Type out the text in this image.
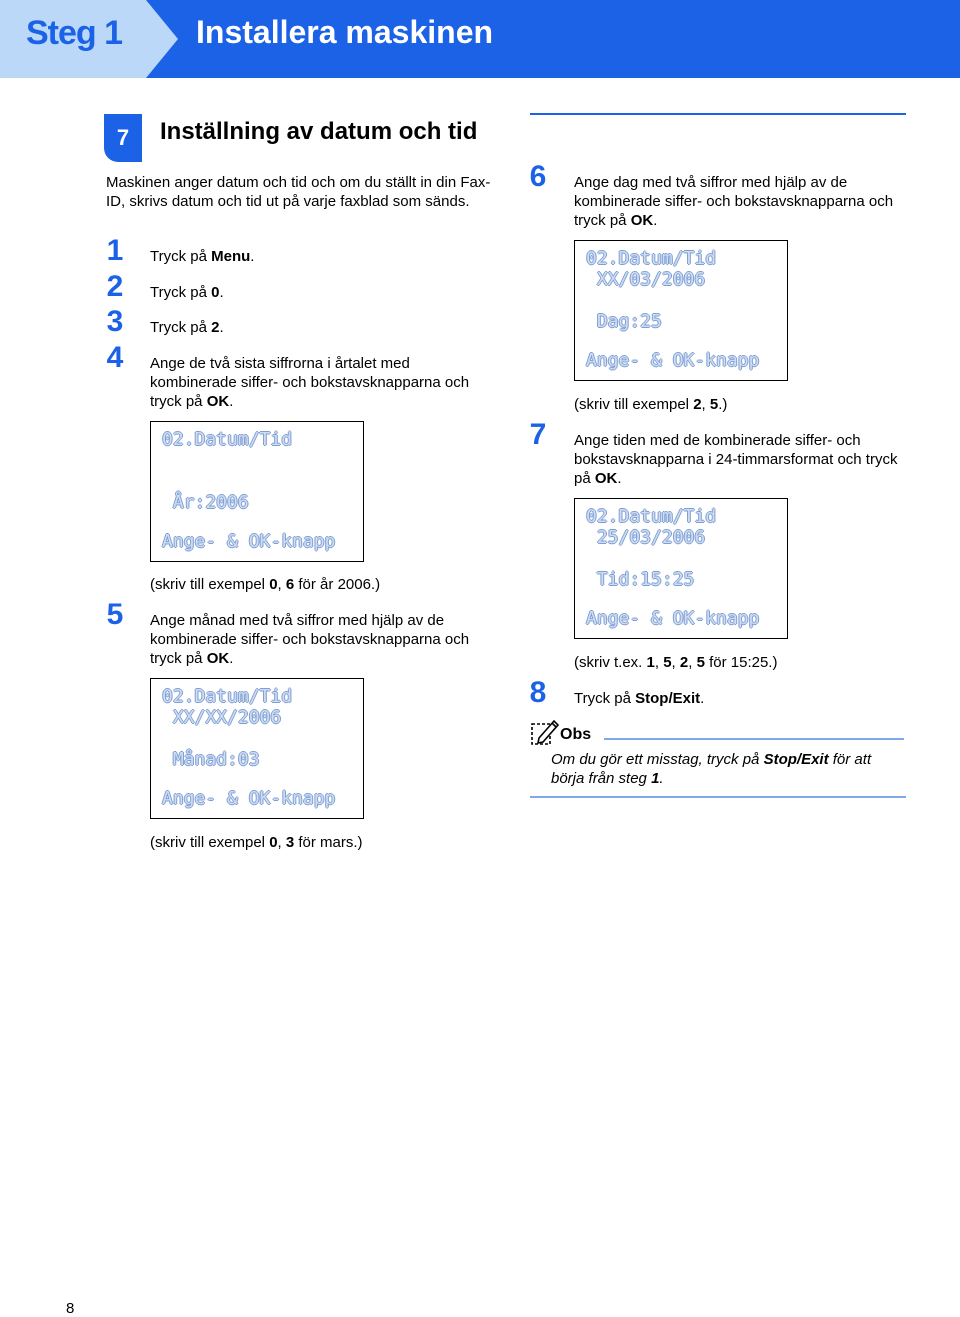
Steg 1 Installera maskinen
7	Inställning av datum och tid
Maskinen anger datum och tid och om du ställt in din Fax-ID, skrivs datum och tid ut på varje faxblad som sänds.
1	Tryck på Menu.
2	Tryck på 0.
3	Tryck på 2.
4	Ange de två sista siffrorna i årtalet med kombinerade siffer- och bokstavsknapparna och tryck på OK.
02.Datum/Tid
År:2006
Ange- & OK-knapp
(skriv till exempel 0, 6 för år 2006.)
5	Ange månad med två siffror med hjälp av de kombinerade siffer- och bokstavsknapparna och tryck på OK.
02.Datum/Tid
XX/XX/2006
Månad:03
Ange- & OK-knapp
(skriv till exempel 0, 3 för mars.)
6	Ange dag med två siffror med hjälp av de kombinerade siffer- och bokstavsknapparna och tryck på OK.
02.Datum/Tid
XX/03/2006
Dag:25
Ange- & OK-knapp
(skriv till exempel 2, 5.)
7	Ange tiden med de kombinerade siffer- och bokstavsknapparna i 24-timmarsformat och tryck på OK.
02.Datum/Tid
25/03/2006
Tid:15:25
Ange- & OK-knapp
(skriv t.ex. 1, 5, 2, 5 för 15:25.)
8	Tryck på Stop/Exit.
Obs
Om du gör ett misstag, tryck på Stop/Exit för att börja från steg 1.
8
